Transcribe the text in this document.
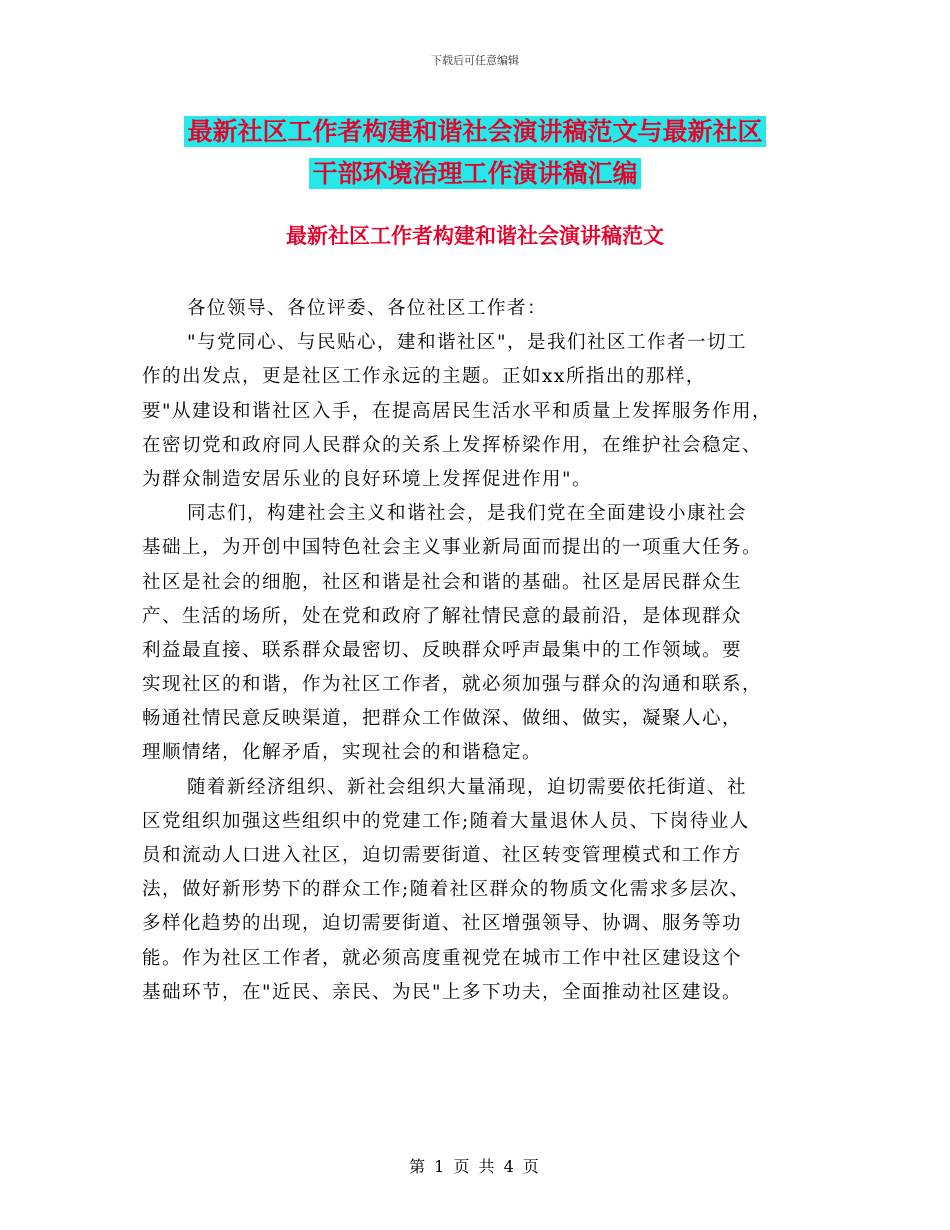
下载后可任意编辑
最新社区工作者构建和谐社会演讲稿范文与最新社区
干部环境治理工作演讲稿汇编
最新社区工作者构建和谐社会演讲稿范文
各位领导、各位评委、各位社区工作者：
"与党同心、与民贴心，建和谐社区"，是我们社区工作者一切工
作的出发点，更是社区工作永远的主题。正如xx所指出的那样，
要"从建设和谐社区入手，在提高居民生活水平和质量上发挥服务作用，
在密切党和政府同人民群众的关系上发挥桥梁作用，在维护社会稳定、
为群众制造安居乐业的良好环境上发挥促进作用"。
同志们，构建社会主义和谐社会，是我们党在全面建设小康社会
基础上，为开创中国特色社会主义事业新局面而提出的一项重大任务。
社区是社会的细胞，社区和谐是社会和谐的基础。社区是居民群众生
产、生活的场所，处在党和政府了解社情民意的最前沿，是体现群众
利益最直接、联系群众最密切、反映群众呼声最集中的工作领域。要
实现社区的和谐，作为社区工作者，就必须加强与群众的沟通和联系，
畅通社情民意反映渠道，把群众工作做深、做细、做实，凝聚人心，
理顺情绪，化解矛盾，实现社会的和谐稳定。
随着新经济组织、新社会组织大量涌现，迫切需要依托街道、社
区党组织加强这些组织中的党建工作;随着大量退休人员、下岗待业人
员和流动人口进入社区，迫切需要街道、社区转变管理模式和工作方
法，做好新形势下的群众工作;随着社区群众的物质文化需求多层次、
多样化趋势的出现，迫切需要街道、社区增强领导、协调、服务等功
能。作为社区工作者，就必须高度重视党在城市工作中社区建设这个
基础环节，在"近民、亲民、为民"上多下功夫，全面推动社区建设。
第 1 页 共 4 页
